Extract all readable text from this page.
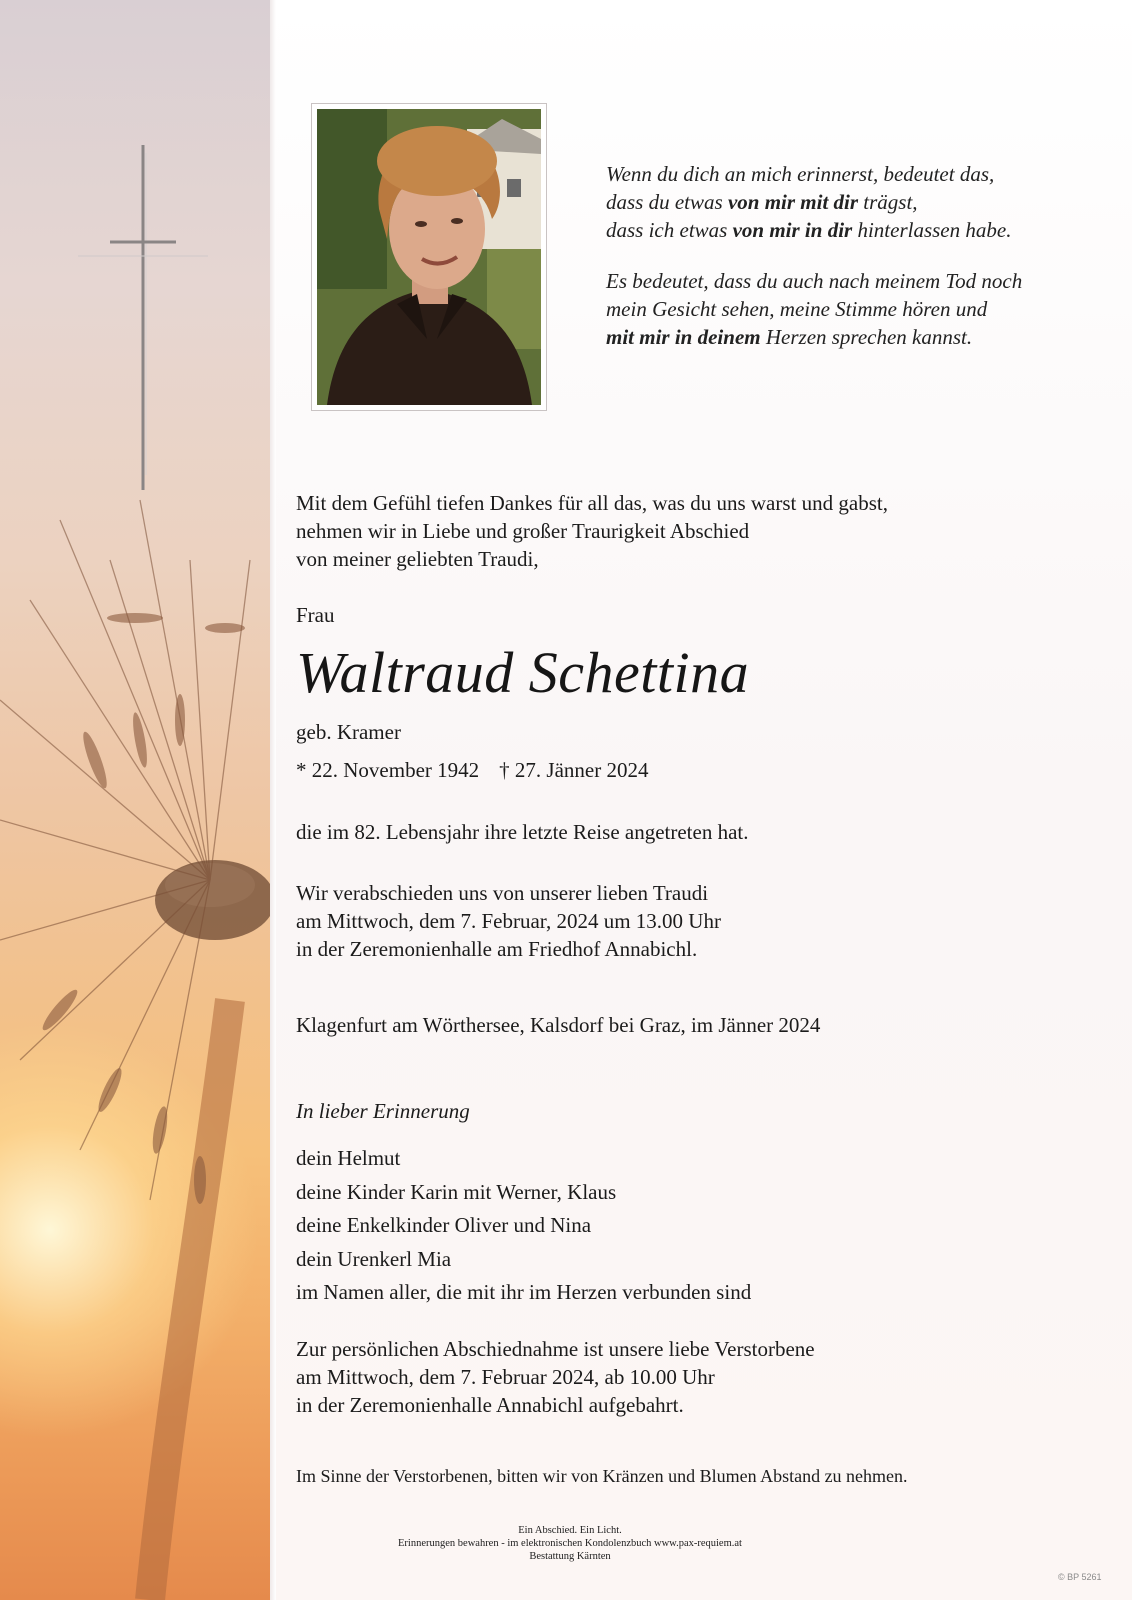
Wenn du dich an mich erinnerst, bedeutet das,
dass du etwas von mir mit dir trägst,
dass ich etwas von mir in dir hinterlassen habe.

Es bedeutet, dass du auch nach meinem Tod noch
mein Gesicht sehen, meine Stimme hören und
mit mir in deinem Herzen sprechen kannst.

Mit dem Gefühl tiefen Dankes für all das, was du uns warst und gabst,
nehmen wir in Liebe und großer Traurigkeit Abschied
von meiner geliebten Traudi,
Frau
Waltraud Schettina
geb. Kramer
* 22. November 1942 † 27. Jänner 2024
die im 82. Lebensjahr ihre letzte Reise angetreten hat.
Wir verabschieden uns von unserer lieben Traudi
am Mittwoch, dem 7. Februar, 2024 um 13.00 Uhr
in der Zeremonienhalle am Friedhof Annabichl.
Klagenfurt am Wörthersee, Kalsdorf bei Graz, im Jänner 2024
In lieber Erinnerung
dein Helmut
deine Kinder Karin mit Werner, Klaus
deine Enkelkinder Oliver und Nina
dein Urenkerl Mia
im Namen aller, die mit ihr im Herzen verbunden sind
Zur persönlichen Abschiednahme ist unsere liebe Verstorbene
am Mittwoch, dem 7. Februar 2024, ab 10.00 Uhr
in der Zeremonienhalle Annabichl aufgebahrt.
Im Sinne der Verstorbenen, bitten wir von Kränzen und Blumen Abstand zu nehmen.
Ein Abschied. Ein Licht.
Erinnerungen bewahren - im elektronischen Kondolenzbuch www.pax-requiem.at
Bestattung Kärnten
© BP 5261
